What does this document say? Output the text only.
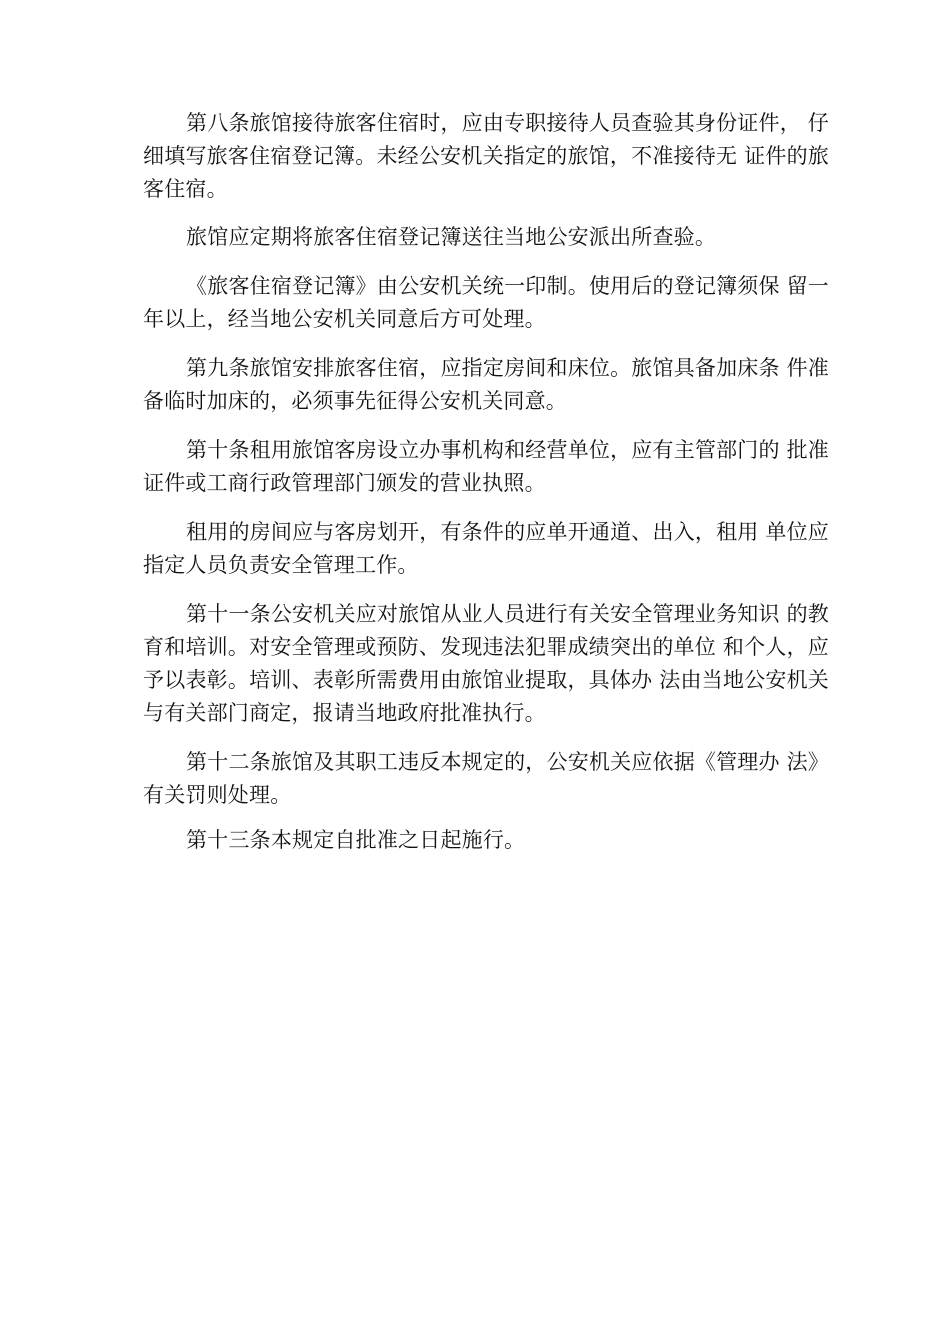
第八条旅馆接待旅客住宿时，应由专职接待人员查验其身份证件， 仔细填写旅客住宿登记簿。未经公安机关指定的旅馆，不准接待无 证件的旅客住宿。

旅馆应定期将旅客住宿登记簿送往当地公安派出所查验。

《旅客住宿登记簿》由公安机关统一印制。使用后的登记簿须保 留一年以上，经当地公安机关同意后方可处理。

第九条旅馆安排旅客住宿，应指定房间和床位。旅馆具备加床条 件准备临时加床的，必须事先征得公安机关同意。

第十条租用旅馆客房设立办事机构和经营单位，应有主管部门的 批准证件或工商行政管理部门颁发的营业执照。

租用的房间应与客房划开，有条件的应单开通道、出入，租用 单位应指定人员负责安全管理工作。

第十一条公安机关应对旅馆从业人员进行有关安全管理业务知识 的教育和培训。对安全管理或预防、发现违法犯罪成绩突出的单位 和个人，应予以表彰。培训、表彰所需费用由旅馆业提取，具体办 法由当地公安机关与有关部门商定，报请当地政府批准执行。

第十二条旅馆及其职工违反本规定的，公安机关应依据《管理办 法》有关罚则处理。

第十三条本规定自批准之日起施行。
